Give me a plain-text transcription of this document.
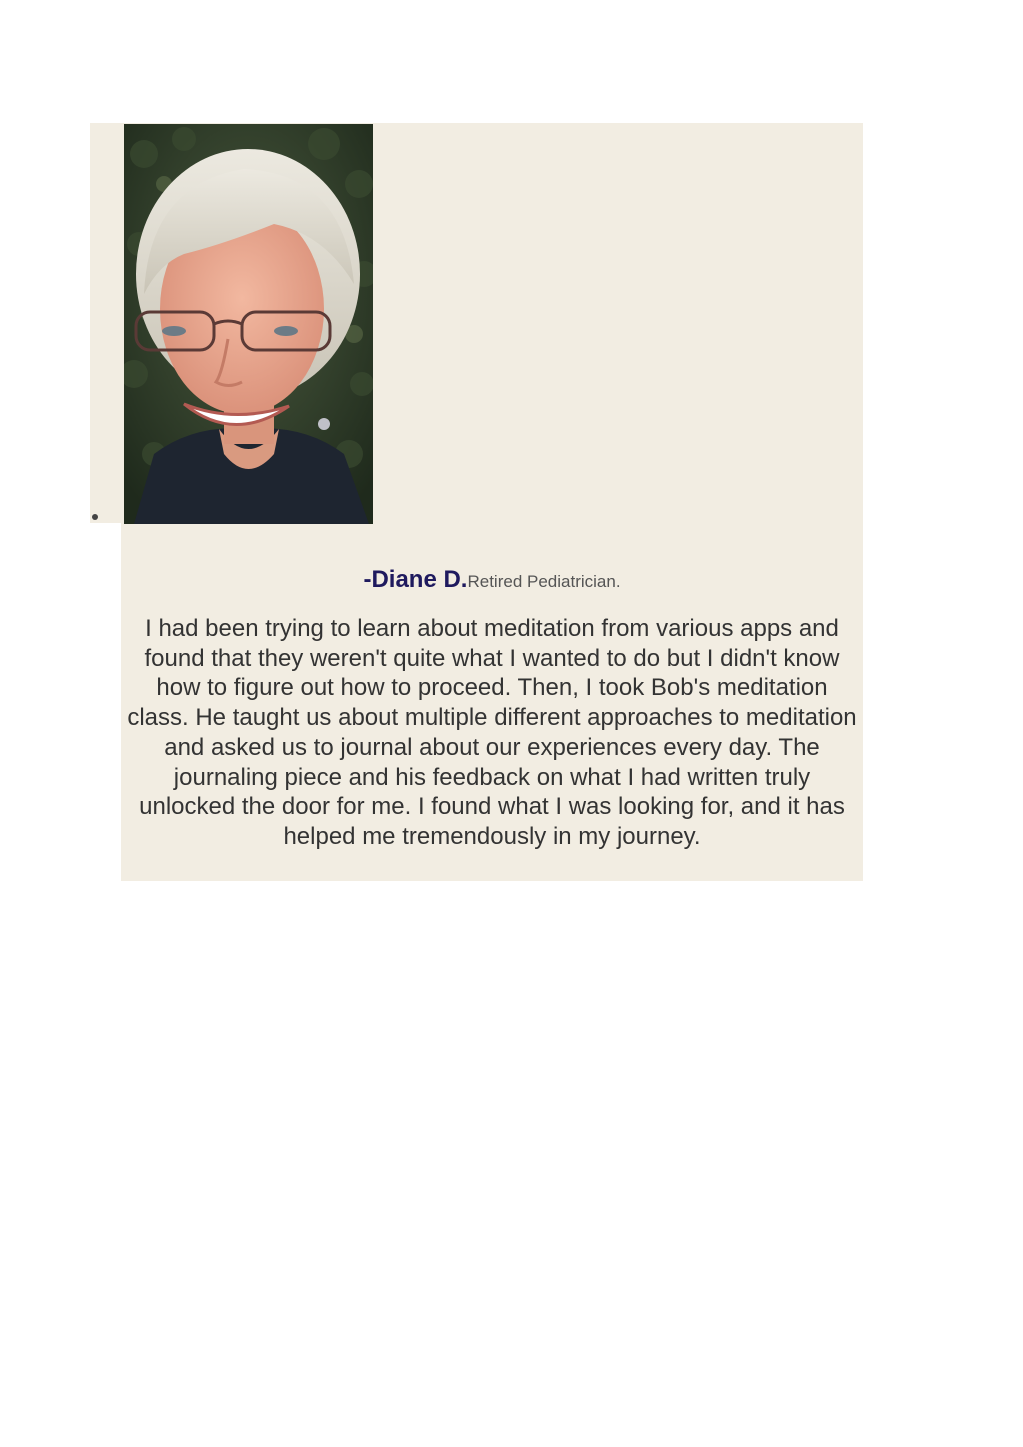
-Diane D.Retired Pediatrician.

I had been trying to learn about meditation from various apps and found that they weren't quite what I wanted to do but I didn't know how to figure out how to proceed. Then, I took Bob's meditation class. He taught us about multiple different approaches to meditation and asked us to journal about our experiences every day. The journaling piece and his feedback on what I had written truly unlocked the door for me. I found what I was looking for, and it has helped me tremendously in my journey.
